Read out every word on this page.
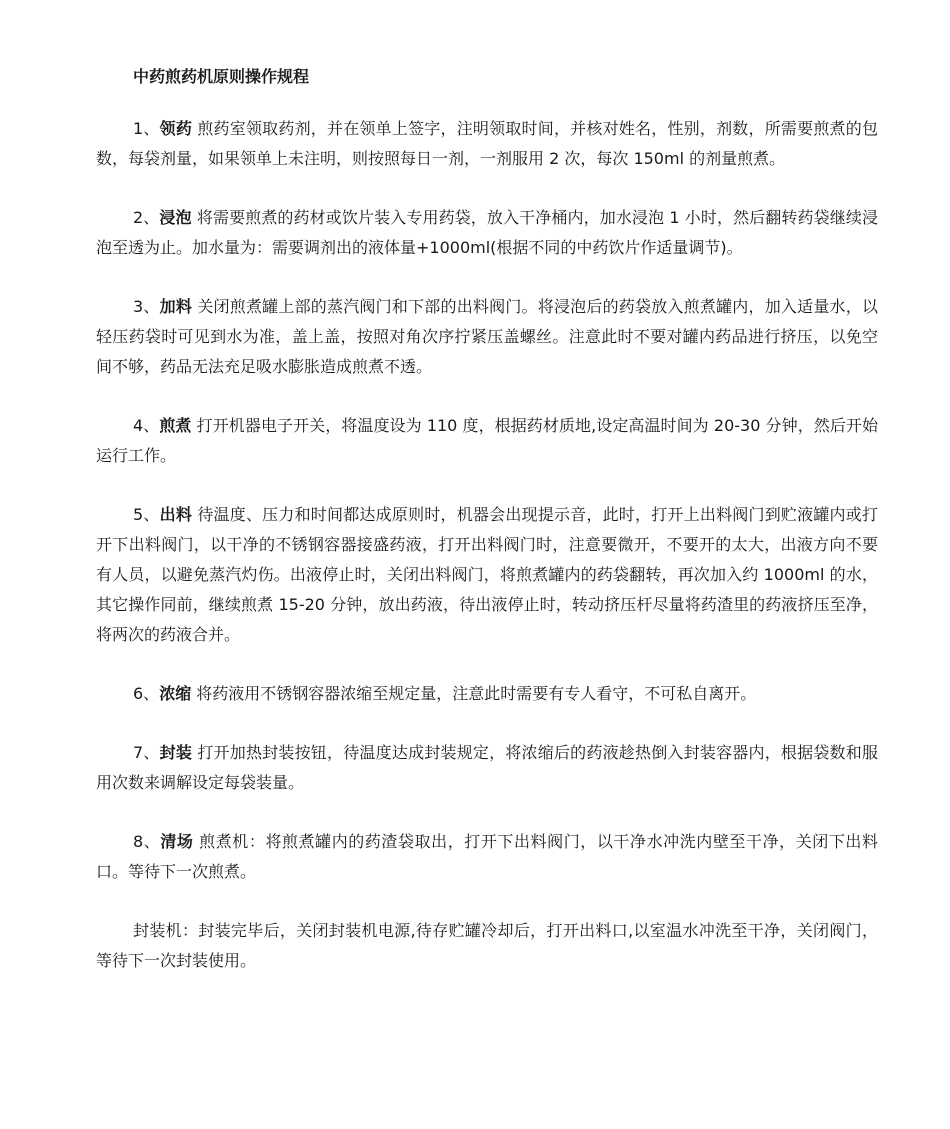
中药煎药机原则操作规程

1、领药 煎药室领取药剂，并在领单上签字，注明领取时间，并核对姓名，性别，剂数，所需要煎煮的包数，每袋剂量，如果领单上未注明，则按照每日一剂，一剂服用 2 次，每次 150ml 的剂量煎煮。

2、浸泡 将需要煎煮的药材或饮片装入专用药袋，放入干净桶内，加水浸泡 1 小时，然后翻转药袋继续浸泡至透为止。加水量为：需要调剂出的液体量+1000ml(根据不同的中药饮片作适量调节)。

3、加料 关闭煎煮罐上部的蒸汽阀门和下部的出料阀门。将浸泡后的药袋放入煎煮罐内，加入适量水，以轻压药袋时可见到水为准，盖上盖，按照对角次序拧紧压盖螺丝。注意此时不要对罐内药品进行挤压，以免空间不够，药品无法充足吸水膨胀造成煎煮不透。

4、煎煮 打开机器电子开关，将温度设为 110 度，根据药材质地,设定高温时间为 20-30 分钟，然后开始运行工作。

5、出料 待温度、压力和时间都达成原则时，机器会出现提示音，此时，打开上出料阀门到贮液罐内或打开下出料阀门，以干净的不锈钢容器接盛药液，打开出料阀门时，注意要微开，不要开的太大，出液方向不要有人员，以避免蒸汽灼伤。出液停止时，关闭出料阀门，将煎煮罐内的药袋翻转，再次加入约 1000ml 的水，其它操作同前，继续煎煮 15-20 分钟，放出药液，待出液停止时，转动挤压杆尽量将药渣里的药液挤压至净，将两次的药液合并。

6、浓缩 将药液用不锈钢容器浓缩至规定量，注意此时需要有专人看守，不可私自离开。

7、封装 打开加热封装按钮，待温度达成封装规定，将浓缩后的药液趁热倒入封装容器内，根据袋数和服用次数来调解设定每袋装量。

8、清场 煎煮机：将煎煮罐内的药渣袋取出，打开下出料阀门，以干净水冲洗内壁至干净，关闭下出料口。等待下一次煎煮。

封装机：封装完毕后，关闭封装机电源,待存贮罐冷却后，打开出料口,以室温水冲洗至干净，关闭阀门，等待下一次封装使用。
